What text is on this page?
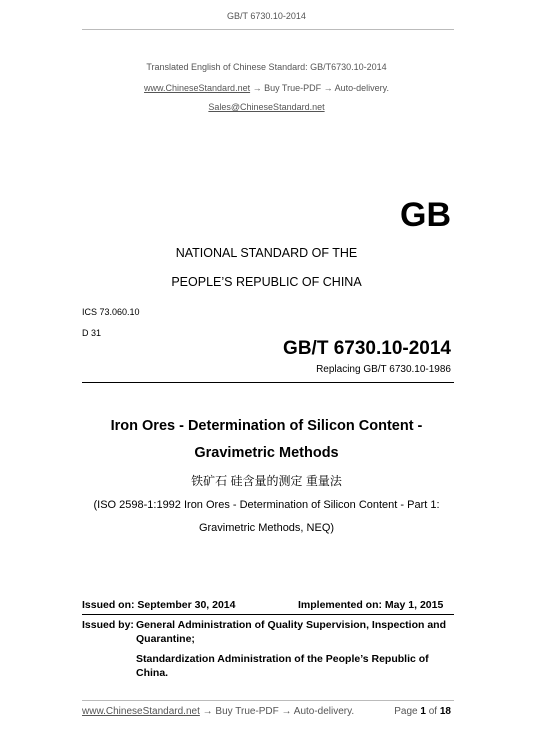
GB/T 6730.10-2014
Translated English of Chinese Standard: GB/T6730.10-2014
www.ChineseStandard.net → Buy True-PDF → Auto-delivery.
Sales@ChineseStandard.net
GB
NATIONAL STANDARD OF THE
PEOPLE’S REPUBLIC OF CHINA
ICS 73.060.10
D 31
GB/T 6730.10-2014
Replacing GB/T 6730.10-1986
Iron Ores - Determination of Silicon Content -
Gravimetric Methods
铁矿石 硅含量的测定 重量法
(ISO 2598-1:1992 Iron Ores - Determination of Silicon Content - Part 1:
Gravimetric Methods, NEQ)
Issued on: September 30, 2014	Implemented on: May 1, 2015
Issued by: General Administration of Quality Supervision, Inspection and
Quarantine;
Standardization Administration of the People’s Republic of
China.
www.ChineseStandard.net → Buy True-PDF → Auto-delivery.	Page 1 of 18
